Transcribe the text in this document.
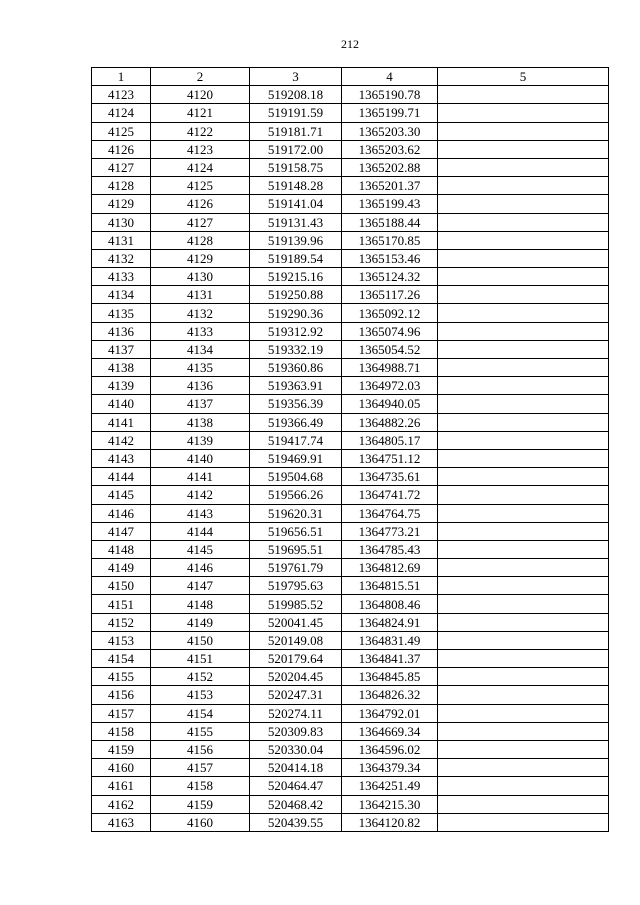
212
1	2	3	4	5
4123	4120	519208.18	1365190.78	
4124	4121	519191.59	1365199.71	
4125	4122	519181.71	1365203.30	
4126	4123	519172.00	1365203.62	
4127	4124	519158.75	1365202.88	
4128	4125	519148.28	1365201.37	
4129	4126	519141.04	1365199.43	
4130	4127	519131.43	1365188.44	
4131	4128	519139.96	1365170.85	
4132	4129	519189.54	1365153.46	
4133	4130	519215.16	1365124.32	
4134	4131	519250.88	1365117.26	
4135	4132	519290.36	1365092.12	
4136	4133	519312.92	1365074.96	
4137	4134	519332.19	1365054.52	
4138	4135	519360.86	1364988.71	
4139	4136	519363.91	1364972.03	
4140	4137	519356.39	1364940.05	
4141	4138	519366.49	1364882.26	
4142	4139	519417.74	1364805.17	
4143	4140	519469.91	1364751.12	
4144	4141	519504.68	1364735.61	
4145	4142	519566.26	1364741.72	
4146	4143	519620.31	1364764.75	
4147	4144	519656.51	1364773.21	
4148	4145	519695.51	1364785.43	
4149	4146	519761.79	1364812.69	
4150	4147	519795.63	1364815.51	
4151	4148	519985.52	1364808.46	
4152	4149	520041.45	1364824.91	
4153	4150	520149.08	1364831.49	
4154	4151	520179.64	1364841.37	
4155	4152	520204.45	1364845.85	
4156	4153	520247.31	1364826.32	
4157	4154	520274.11	1364792.01	
4158	4155	520309.83	1364669.34	
4159	4156	520330.04	1364596.02	
4160	4157	520414.18	1364379.34	
4161	4158	520464.47	1364251.49	
4162	4159	520468.42	1364215.30	
4163	4160	520439.55	1364120.82	
